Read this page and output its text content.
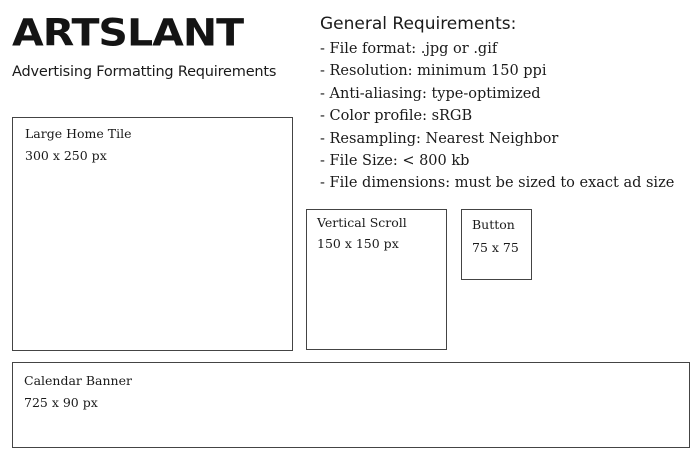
ARTSLANT
Advertising Formatting Requirements
General Requirements:
- File format: .jpg or .gif
- Resolution: minimum 150 ppi
- Anti-aliasing: type-optimized
- Color profile: sRGB
- Resampling: Nearest Neighbor
- File Size: < 800 kb
- File dimensions: must be sized to exact ad size
Large Home Tile
300 x 250 px
Vertical Scroll
150 x 150 px
Button
75 x 75
Calendar Banner
725 x 90 px
